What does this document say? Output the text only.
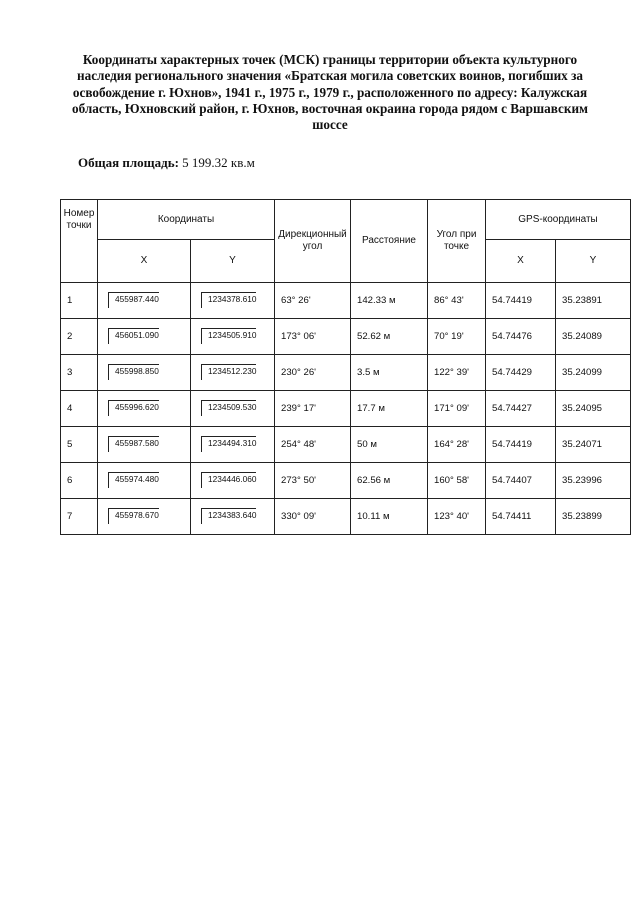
Координаты характерных точек (МСК) границы территории объекта культурного наследия регионального значения «Братская могила советских воинов, погибших за освобождение г. Юхнов», 1941 г., 1975 г., 1979 г., расположенного по адресу: Калужская область, Юхновский район, г. Юхнов, восточная окраина города рядом с Варшавским шоссе

Общая площадь: 5 199.32 кв.м
Номер точки	Координаты		Дирекционный угол	Расстояние	Угол при точке	GPS-координаты	
	X	Y				X	Y
1	455987.440	1234378.610	63° 26'	142.33 м	86° 43'	54.74419	35.23891
2	456051.090	1234505.910	173° 06'	52.62 м	70° 19'	54.74476	35.24089
3	455998.850	1234512.230	230° 26'	3.5 м	122° 39'	54.74429	35.24099
4	455996.620	1234509.530	239° 17'	17.7 м	171° 09'	54.74427	35.24095
5	455987.580	1234494.310	254° 48'	50 м	164° 28'	54.74419	35.24071
6	455974.480	1234446.060	273° 50'	62.56 м	160° 58'	54.74407	35.23996
7	455978.670	1234383.640	330° 09'	10.11 м	123° 40'	54.74411	35.23899
